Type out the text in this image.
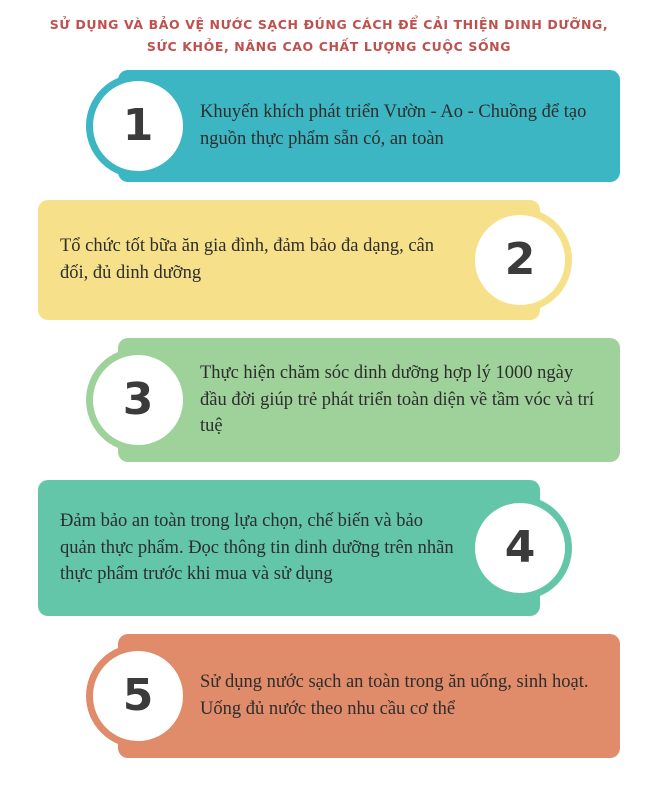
SỬ DỤNG VÀ BẢO VỆ NƯỚC SẠCH ĐÚNG CÁCH ĐỂ CẢI THIỆN DINH DƯỠNG,
SỨC KHỎE, NÂNG CAO CHẤT LƯỢNG CUỘC SỐNG
1	Khuyến khích phát triển Vườn - Ao - Chuồng để tạo nguồn thực phẩm sẵn có, an toàn
2
Tổ chức tốt bữa ăn gia đình, đảm bảo đa dạng, cân đối, đủ dinh dưỡng
3
Thực hiện chăm sóc dinh dưỡng hợp lý 1000 ngày đầu đời giúp trẻ phát triển toàn diện về tầm vóc và trí tuệ
4
Đảm bảo an toàn trong lựa chọn, chế biến và bảo quản thực phẩm. Đọc thông tin dinh dưỡng trên nhãn thực phẩm trước khi mua và sử dụng
5	Sử dụng nước sạch an toàn trong ăn uống, sinh hoạt. Uống đủ nước theo nhu cầu cơ thể
